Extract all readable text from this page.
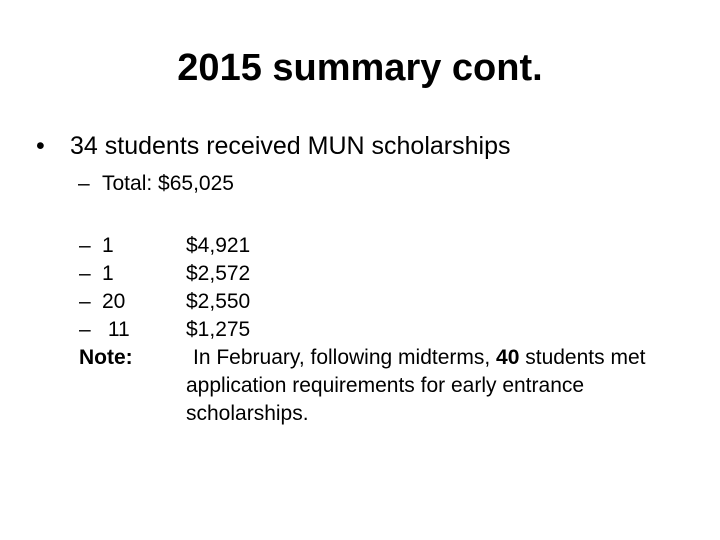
2015 summary cont.
• 34 students received MUN scholarships
– Total: $65,025
– 1
– 1
– 20
– 11
Note:
$4,921
$2,572
$2,550
$1,275
In February, following midterms, 40 students met application requirements for early entrance scholarships.
